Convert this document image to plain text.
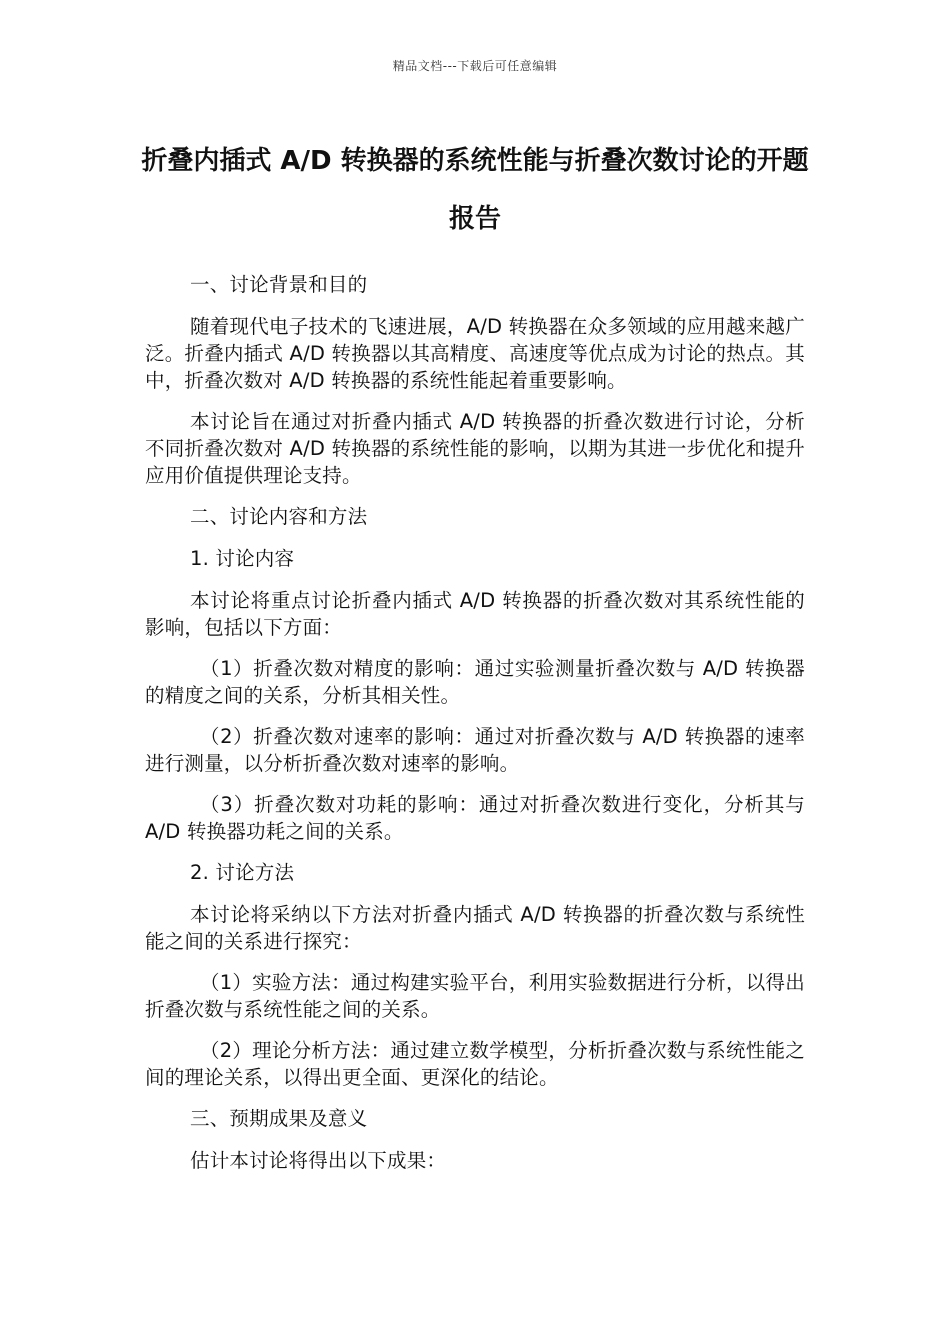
精品文档---下载后可任意编辑
折叠内插式 A/D 转换器的系统性能与折叠次数讨论的开题报告

一、讨论背景和目的

随着现代电子技术的飞速进展，A/D 转换器在众多领域的应用越来越广泛。折叠内插式 A/D 转换器以其高精度、高速度等优点成为讨论的热点。其中，折叠次数对 A/D 转换器的系统性能起着重要影响。

本讨论旨在通过对折叠内插式 A/D 转换器的折叠次数进行讨论，分析不同折叠次数对 A/D 转换器的系统性能的影响，以期为其进一步优化和提升应用价值提供理论支持。

二、讨论内容和方法

1. 讨论内容

本讨论将重点讨论折叠内插式 A/D 转换器的折叠次数对其系统性能的影响，包括以下方面：

（1）折叠次数对精度的影响：通过实验测量折叠次数与 A/D 转换器的精度之间的关系，分析其相关性。

（2）折叠次数对速率的影响：通过对折叠次数与 A/D 转换器的速率进行测量，以分析折叠次数对速率的影响。

（3）折叠次数对功耗的影响：通过对折叠次数进行变化，分析其与 A/D 转换器功耗之间的关系。

2. 讨论方法

本讨论将采纳以下方法对折叠内插式 A/D 转换器的折叠次数与系统性能之间的关系进行探究：

（1）实验方法：通过构建实验平台，利用实验数据进行分析，以得出折叠次数与系统性能之间的关系。

（2）理论分析方法：通过建立数学模型，分析折叠次数与系统性能之间的理论关系，以得出更全面、更深化的结论。

三、预期成果及意义

估计本讨论将得出以下成果：
